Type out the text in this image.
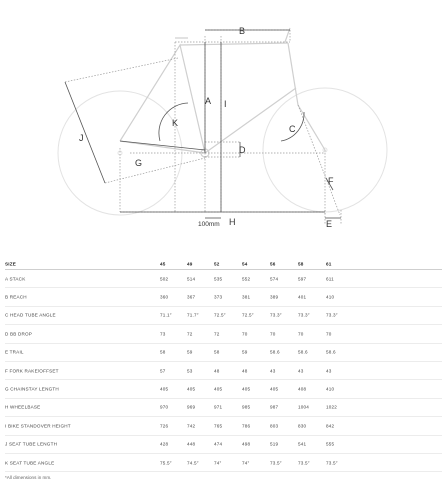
A
B
C
D
E
F
G
H
I
J
K
100mm
SIZE	45	49	52	54	56	58	61
A STACK	502	514	535	552	574	597	611
B REACH	360	367	373	381	389	401	410
C HEAD TUBE ANGLE	71.1°	71.7°	72.5°	72.5°	73.3°	73.3°	73.3°
D BB DROP	73	72	72	70	70	70	70
E TRAIL	58	59	58	59	58.6	58.6	58.6
F FORK RAKE/OFFSET	57	53	48	48	43	43	43
G CHAINSTAY LENGTH	405	405	405	405	405	408	410
H WHEELBASE	970	969	971	985	987	1004	1022
I BIKE STANDOVER HEIGHT	726	742	765	786	803	830	842
J SEAT TUBE LENGTH	428	448	474	498	519	541	555
K SEAT TUBE ANGLE	75.5°	74.5°	74°	74°	73.5°	73.5°	73.5°
*All dimensions in mm.
